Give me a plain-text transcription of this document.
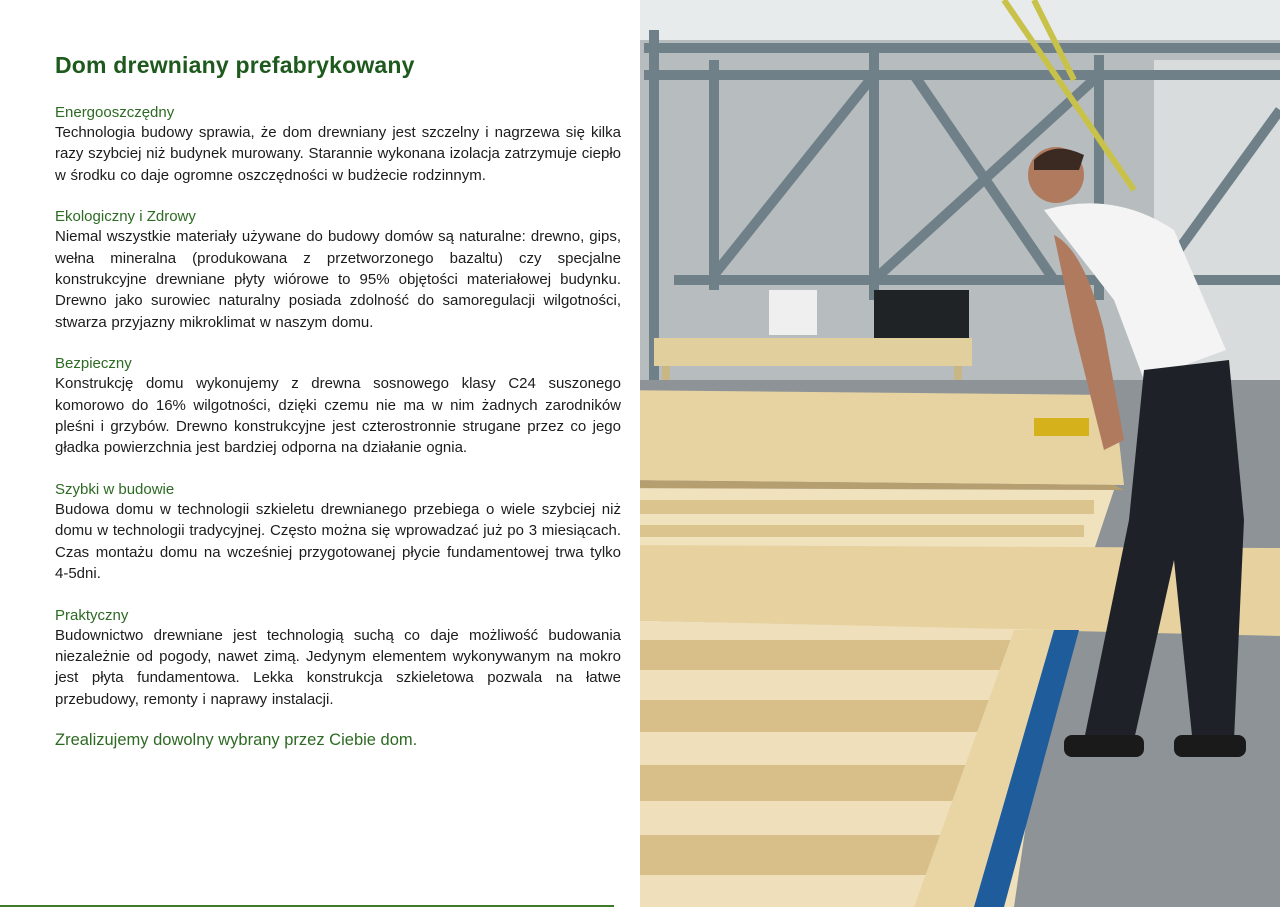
Dom drewniany prefabrykowany
Energooszczędny

Technologia budowy sprawia, że dom drewniany jest szczelny i nagrzewa się kilka razy szybciej niż budynek murowany. Starannie wykonana izolacja zatrzymuje ciepło w środku co daje ogromne oszczędności w budżecie rodzinnym.

Ekologiczny i Zdrowy

Niemal wszystkie materiały używane do budowy domów są naturalne: drewno, gips, wełna mineralna (produkowana z przetworzonego bazaltu) czy specjalne konstrukcyjne drewniane płyty wiórowe to 95% objętości materiałowej budynku. Drewno jako surowiec naturalny posiada zdolność do samoregulacji wilgotności, stwarza przyjazny mikroklimat w naszym domu.

Bezpieczny

Konstrukcję domu wykonujemy z drewna sosnowego klasy C24 suszonego komorowo do 16% wilgotności, dzięki czemu nie ma w nim żadnych zarodników pleśni i grzybów. Drewno konstrukcyjne jest czterostronnie strugane przez co jego gładka powierzchnia jest bardziej odporna na działanie ognia.

Szybki w budowie

Budowa domu w technologii szkieletu drewnianego przebiega o wiele szybciej niż domu w technologii tradycyjnej. Często można się wprowadzać już po 3 miesiącach. Czas montażu domu na wcześniej przygotowanej płycie fundamentowej trwa tylko 4-5dni.

Praktyczny

Budownictwo drewniane jest technologią suchą co daje możliwość budowania niezależnie od pogody, nawet zimą. Jedynym elementem wykonywanym na mokro jest płyta fundamentowa. Lekka konstrukcja szkieletowa pozwala na łatwe przebudowy, remonty i naprawy instalacji.

Zrealizujemy dowolny wybrany przez Ciebie dom.
